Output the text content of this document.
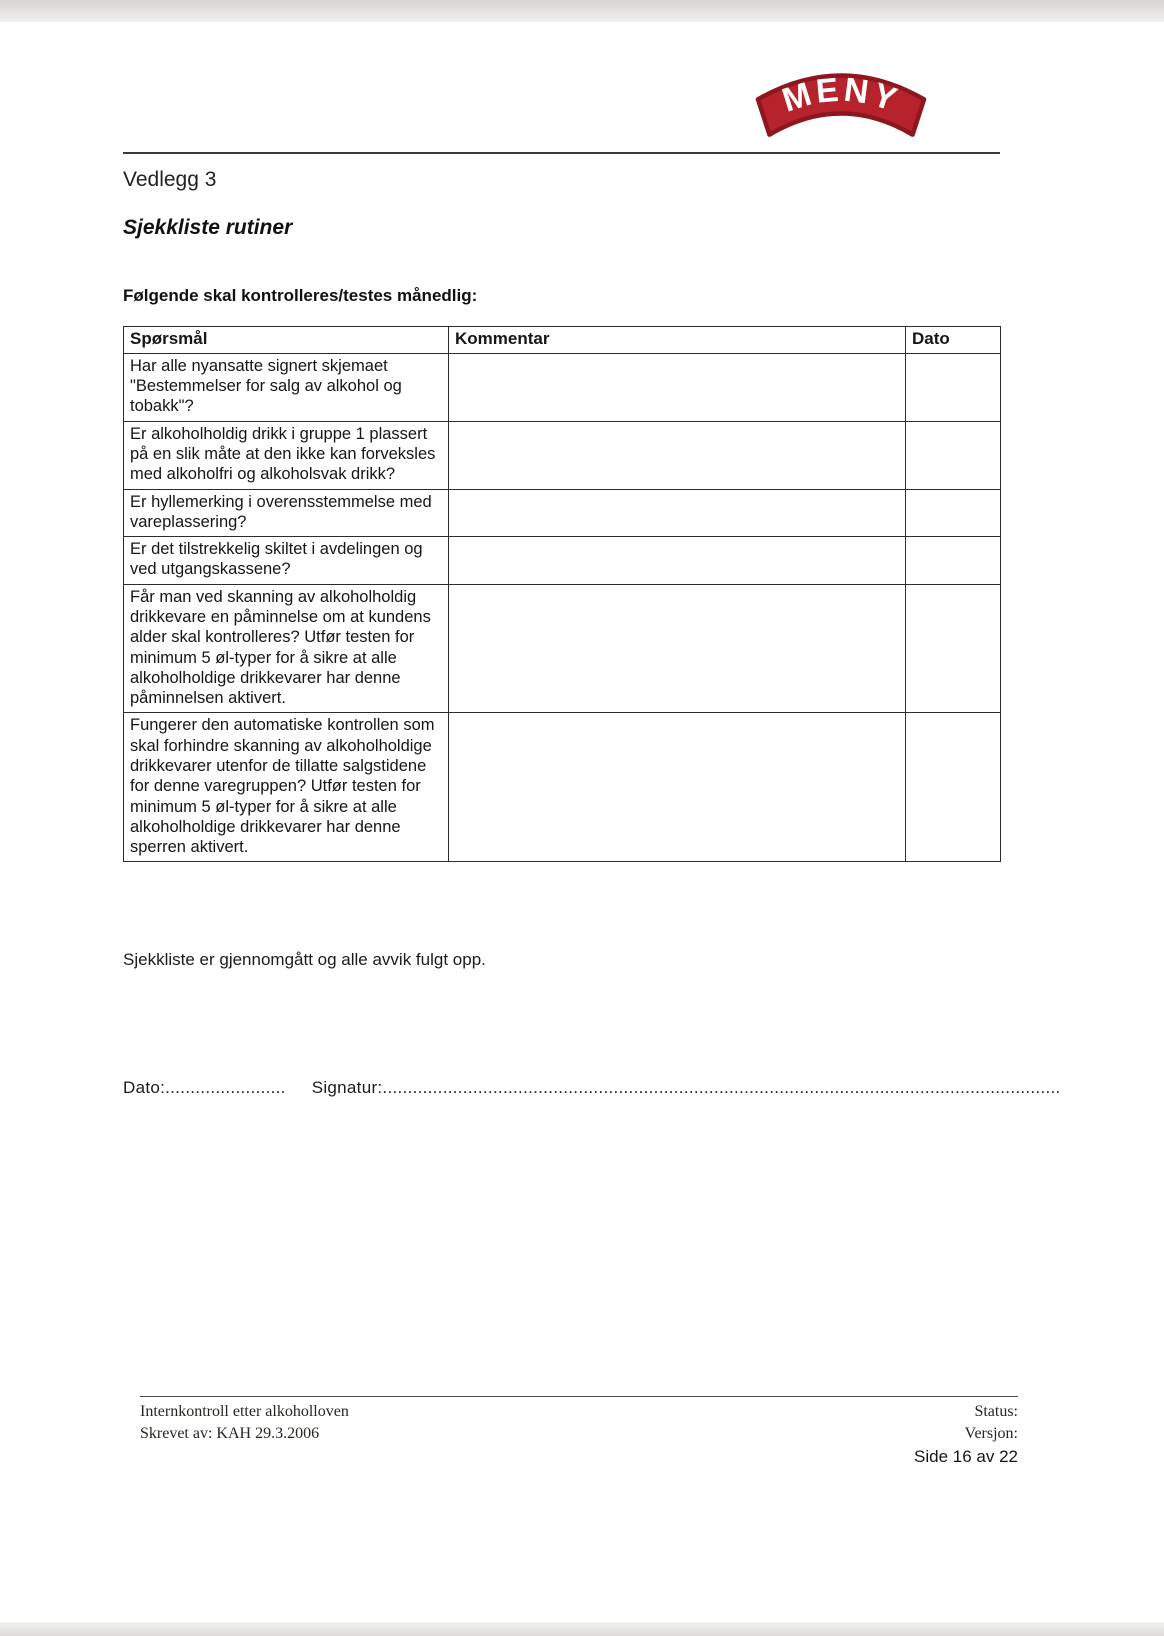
MENY
Vedlegg 3
Sjekkliste rutiner
Følgende skal kontrolleres/testes månedlig:
Spørsmål	Kommentar	Dato
Har alle nyansatte signert skjemaet "Bestemmelser for salg av alkohol og tobakk"?		
Er alkoholholdig drikk i gruppe 1 plassert på en slik måte at den ikke kan forveksles med alkoholfri og alkoholsvak drikk?		
Er hyllemerking i overensstemmelse med vareplassering?		
Er det tilstrekkelig skiltet i avdelingen og ved utgangskassene?		
Får man ved skanning av alkoholholdig drikkevare en påminnelse om at kundens alder skal kontrolleres? Utfør testen for minimum 5 øl-typer for å sikre at alle alkoholholdige drikkevarer har denne påminnelsen aktivert.		
Fungerer den automatiske kontrollen som skal forhindre skanning av alkoholholdige drikkevarer utenfor de tillatte salgstidene for denne varegruppen? Utfør testen for minimum 5 øl-typer for å sikre at alle alkoholholdige drikkevarer har denne sperren aktivert.		
Sjekkliste er gjennomgått og alle avvik fulgt opp.
Dato:........................ Signatur:.......................................................................................................................................
Internkontroll etter alkoholloven
Skrevet av: KAH 29.3.2006
Status:
Versjon:
Side 16 av 22
